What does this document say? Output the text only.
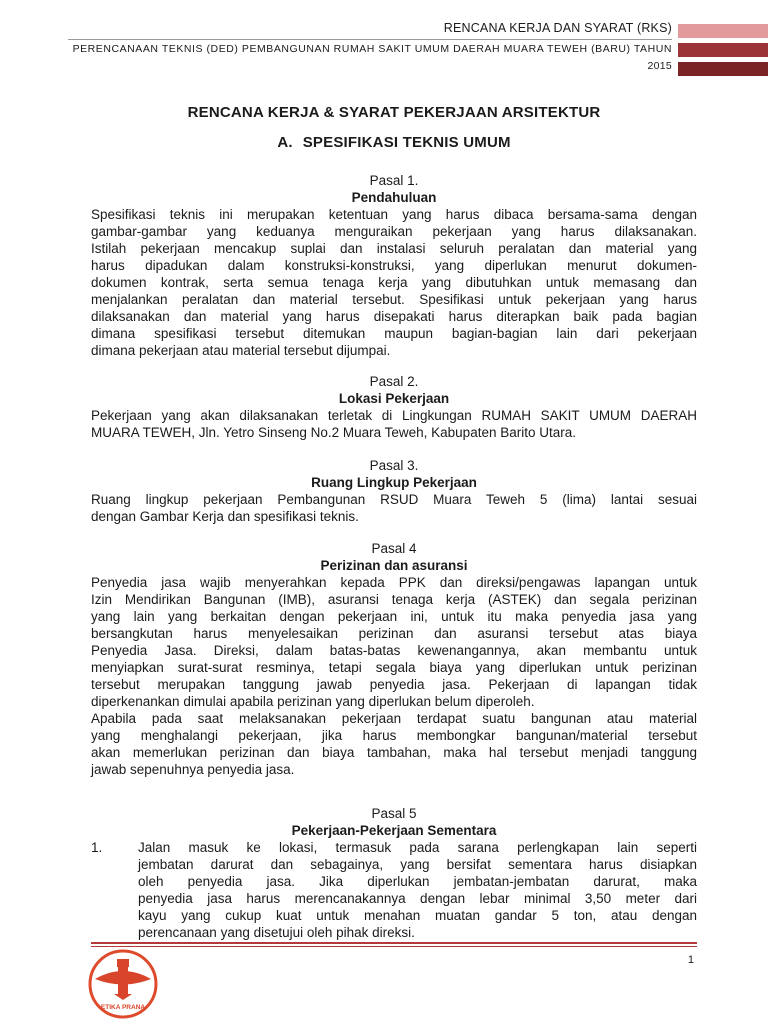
RENCANA KERJA DAN SYARAT (RKS)
PERENCANAAN TEKNIS (DED) PEMBANGUNAN RUMAH SAKIT UMUM DAERAH MUARA TEWEH (BARU) TAHUN
2015
RENCANA KERJA & SYARAT PEKERJAAN ARSITEKTUR
A. SPESIFIKASI TEKNIS UMUM
Pasal 1.
Pendahuluan
Spesifikasi teknis ini merupakan ketentuan yang harus dibaca bersama-sama dengan
gambar-gambar yang keduanya menguraikan pekerjaan yang harus dilaksanakan.
Istilah pekerjaan mencakup suplai dan instalasi seluruh peralatan dan material yang
harus dipadukan dalam konstruksi-konstruksi, yang diperlukan menurut dokumen-
dokumen kontrak, serta semua tenaga kerja yang dibutuhkan untuk memasang dan
menjalankan peralatan dan material tersebut. Spesifikasi untuk pekerjaan yang harus
dilaksanakan dan material yang harus disepakati harus diterapkan baik pada bagian
dimana spesifikasi tersebut ditemukan maupun bagian-bagian lain dari pekerjaan
dimana pekerjaan atau material tersebut dijumpai.
Pasal 2.
Lokasi Pekerjaan
Pekerjaan yang akan dilaksanakan terletak di Lingkungan RUMAH SAKIT UMUM DAERAH
MUARA TEWEH, Jln. Yetro Sinseng No.2 Muara Teweh, Kabupaten Barito Utara.
Pasal 3.
Ruang Lingkup Pekerjaan
Ruang lingkup pekerjaan Pembangunan RSUD Muara Teweh 5 (lima) lantai sesuai
dengan Gambar Kerja dan spesifikasi teknis.
Pasal 4
Perizinan dan asuransi
Penyedia jasa wajib menyerahkan kepada PPK dan direksi/pengawas lapangan untuk
Izin Mendirikan Bangunan (IMB), asuransi tenaga kerja (ASTEK) dan segala perizinan
yang lain yang berkaitan dengan pekerjaan ini, untuk itu maka penyedia jasa yang
bersangkutan harus menyelesaikan perizinan dan asuransi tersebut atas biaya
Penyedia Jasa. Direksi, dalam batas-batas kewenangannya, akan membantu untuk
menyiapkan surat-surat resminya, tetapi segala biaya yang diperlukan untuk perizinan
tersebut merupakan tanggung jawab penyedia jasa. Pekerjaan di lapangan tidak
diperkenankan dimulai apabila perizinan yang diperlukan belum diperoleh.
Apabila pada saat melaksanakan pekerjaan terdapat suatu bangunan atau material
yang menghalangi pekerjaan, jika harus membongkar bangunan/material tersebut
akan memerlukan perizinan dan biaya tambahan, maka hal tersebut menjadi tanggung
jawab sepenuhnya penyedia jasa.
Pasal 5
Pekerjaan-Pekerjaan Sementara
1.	Jalan masuk ke lokasi, termasuk pada sarana perlengkapan lain seperti
jembatan darurat dan sebagainya, yang bersifat sementara harus disiapkan
oleh penyedia jasa. Jika diperlukan jembatan-jembatan darurat, maka
penyedia jasa harus merencanakannya dengan lebar minimal 3,50 meter dari
kayu yang cukup kuat untuk menahan muatan gandar 5 ton, atau dengan
perencanaan yang disetujui oleh pihak direksi.
1
ETIKA PRANA
